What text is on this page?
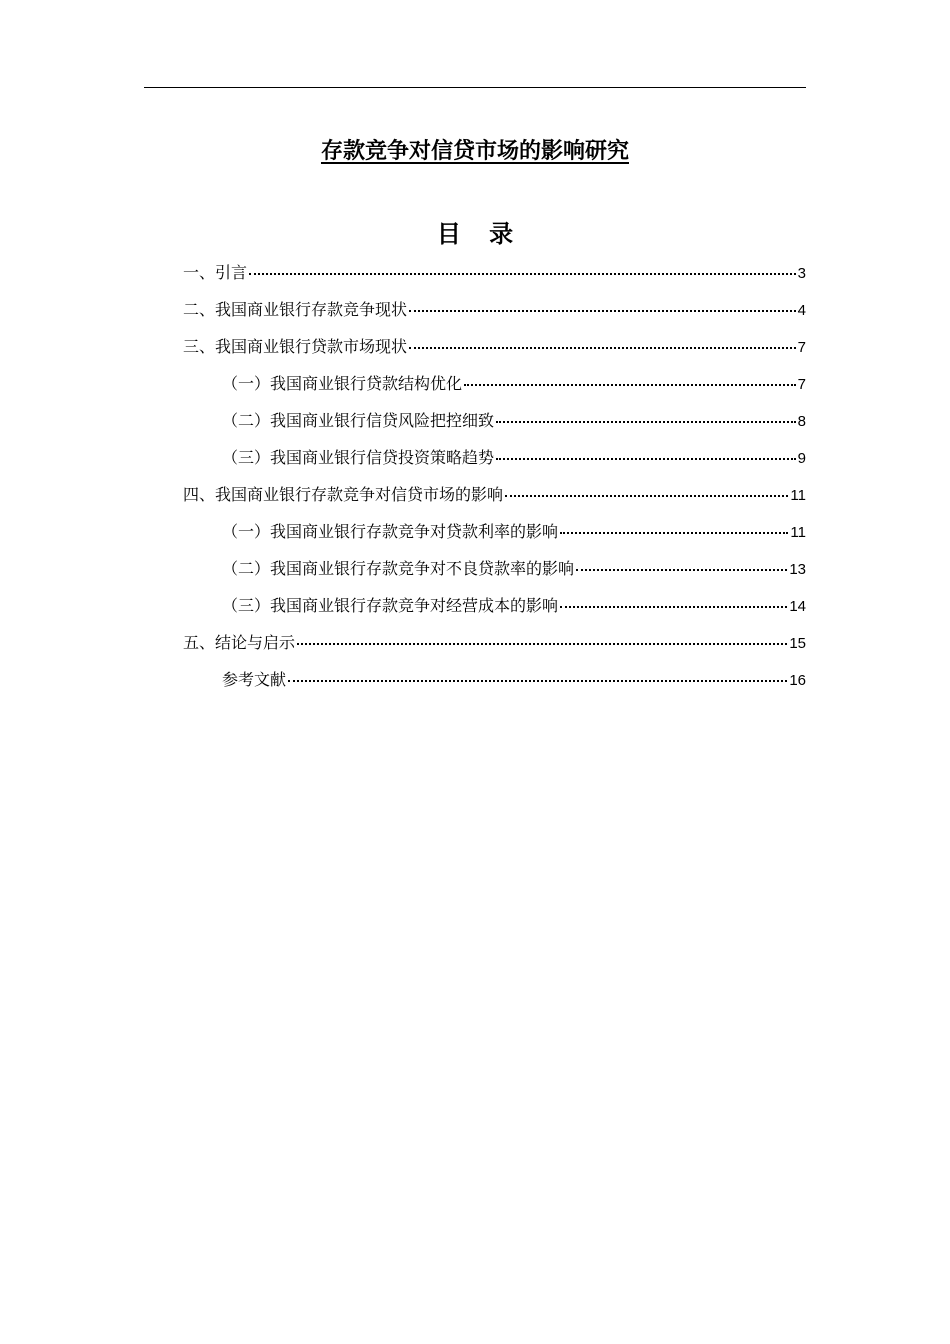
存款竞争对信贷市场的影响研究
目 录
一、引言	3
二、我国商业银行存款竞争现状	4
三、我国商业银行贷款市场现状	7
（一）我国商业银行贷款结构优化	7
（二）我国商业银行信贷风险把控细致	8
（三）我国商业银行信贷投资策略趋势	9
四、我国商业银行存款竞争对信贷市场的影响	11
（一）我国商业银行存款竞争对贷款利率的影响	11
（二）我国商业银行存款竞争对不良贷款率的影响	13
（三）我国商业银行存款竞争对经营成本的影响	14
五、结论与启示	15
参考文献	16
